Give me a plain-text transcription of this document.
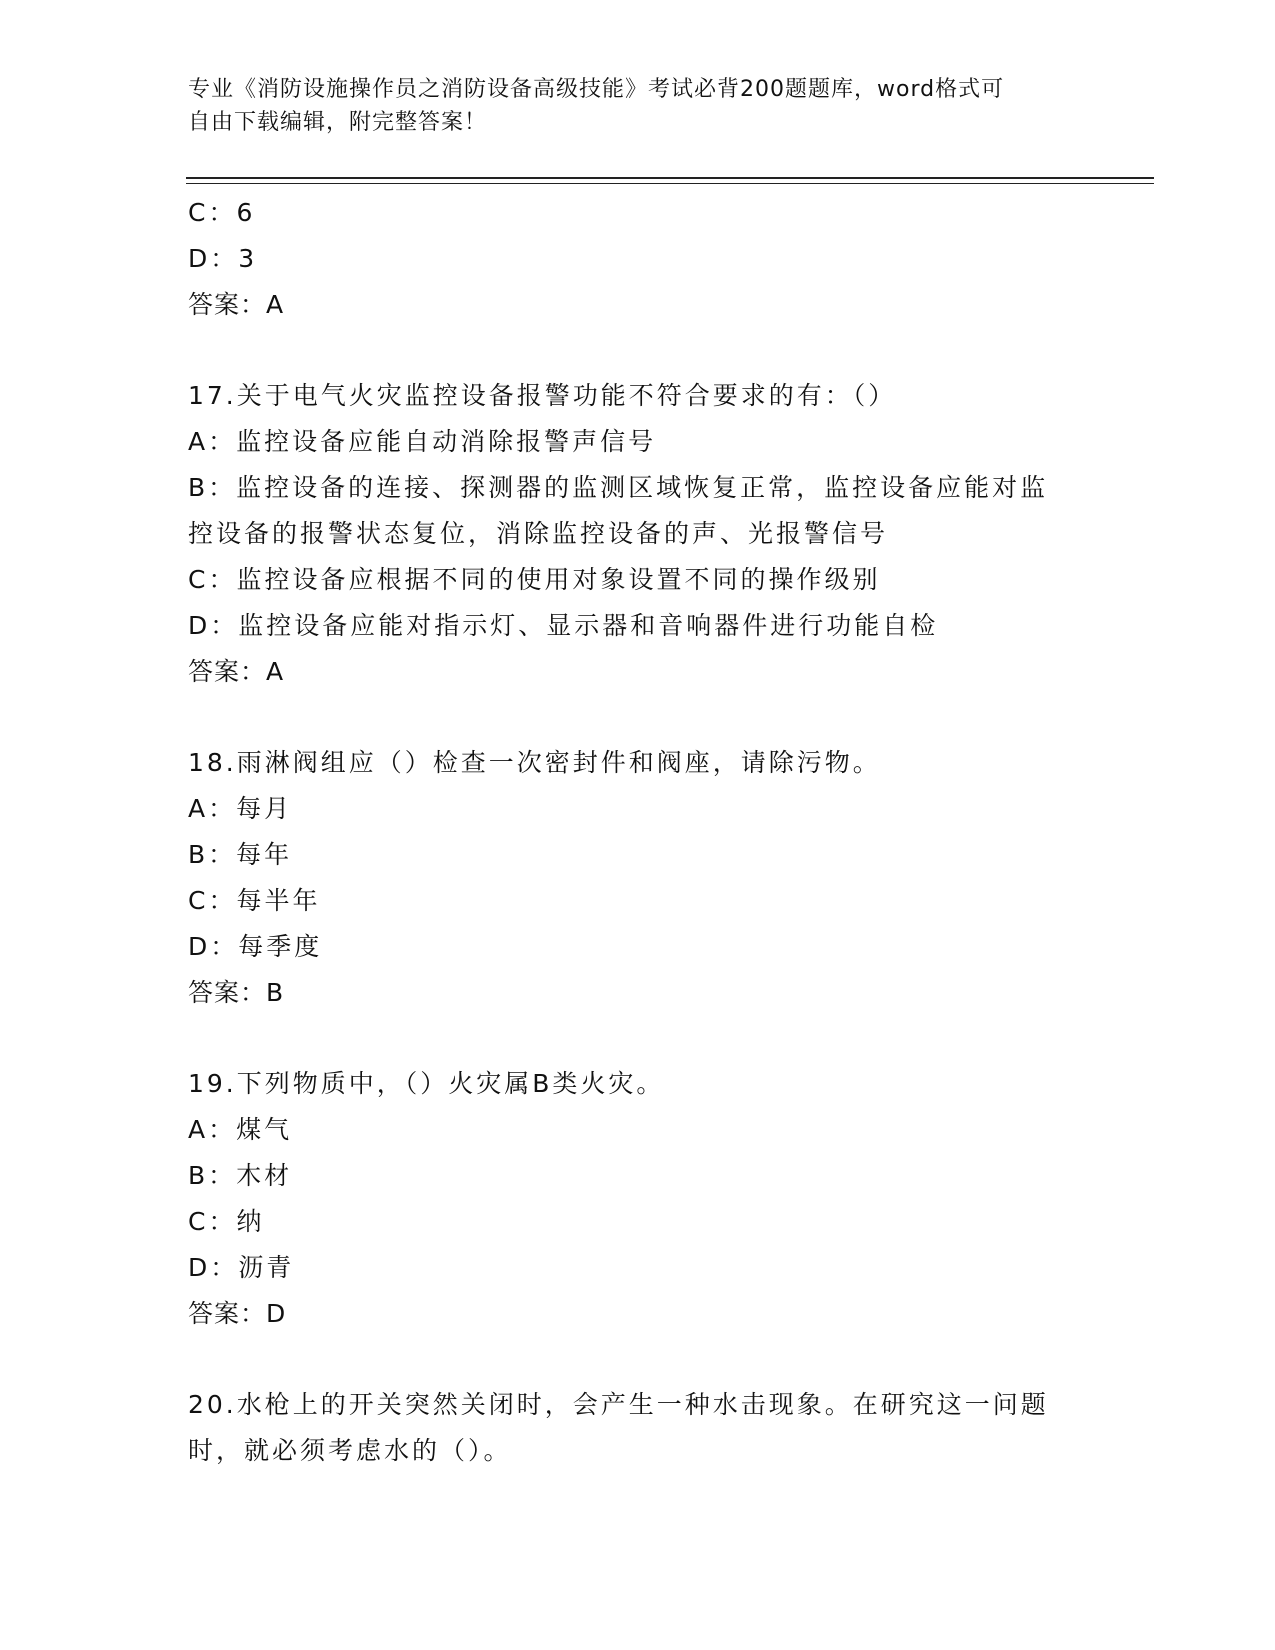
专业《消防设施操作员之消防设备高级技能》考试必背200题题库，word格式可
自由下载编辑，附完整答案！
C：6
D：3
答案：A
17.关于电气火灾监控设备报警功能不符合要求的有：（）
A：监控设备应能自动消除报警声信号
B：监控设备的连接、探测器的监测区域恢复正常，监控设备应能对监
控设备的报警状态复位，消除监控设备的声、光报警信号
C：监控设备应根据不同的使用对象设置不同的操作级别
D：监控设备应能对指示灯、显示器和音响器件进行功能自检
答案：A
18.雨淋阀组应（）检查一次密封件和阀座，请除污物。
A：每月
B：每年
C：每半年
D：每季度
答案：B
19.下列物质中，（）火灾属B类火灾。
A：煤气
B：木材
C：纳
D：沥青
答案：D
20.水枪上的开关突然关闭时，会产生一种水击现象。在研究这一问题
时，就必须考虑水的（）。
